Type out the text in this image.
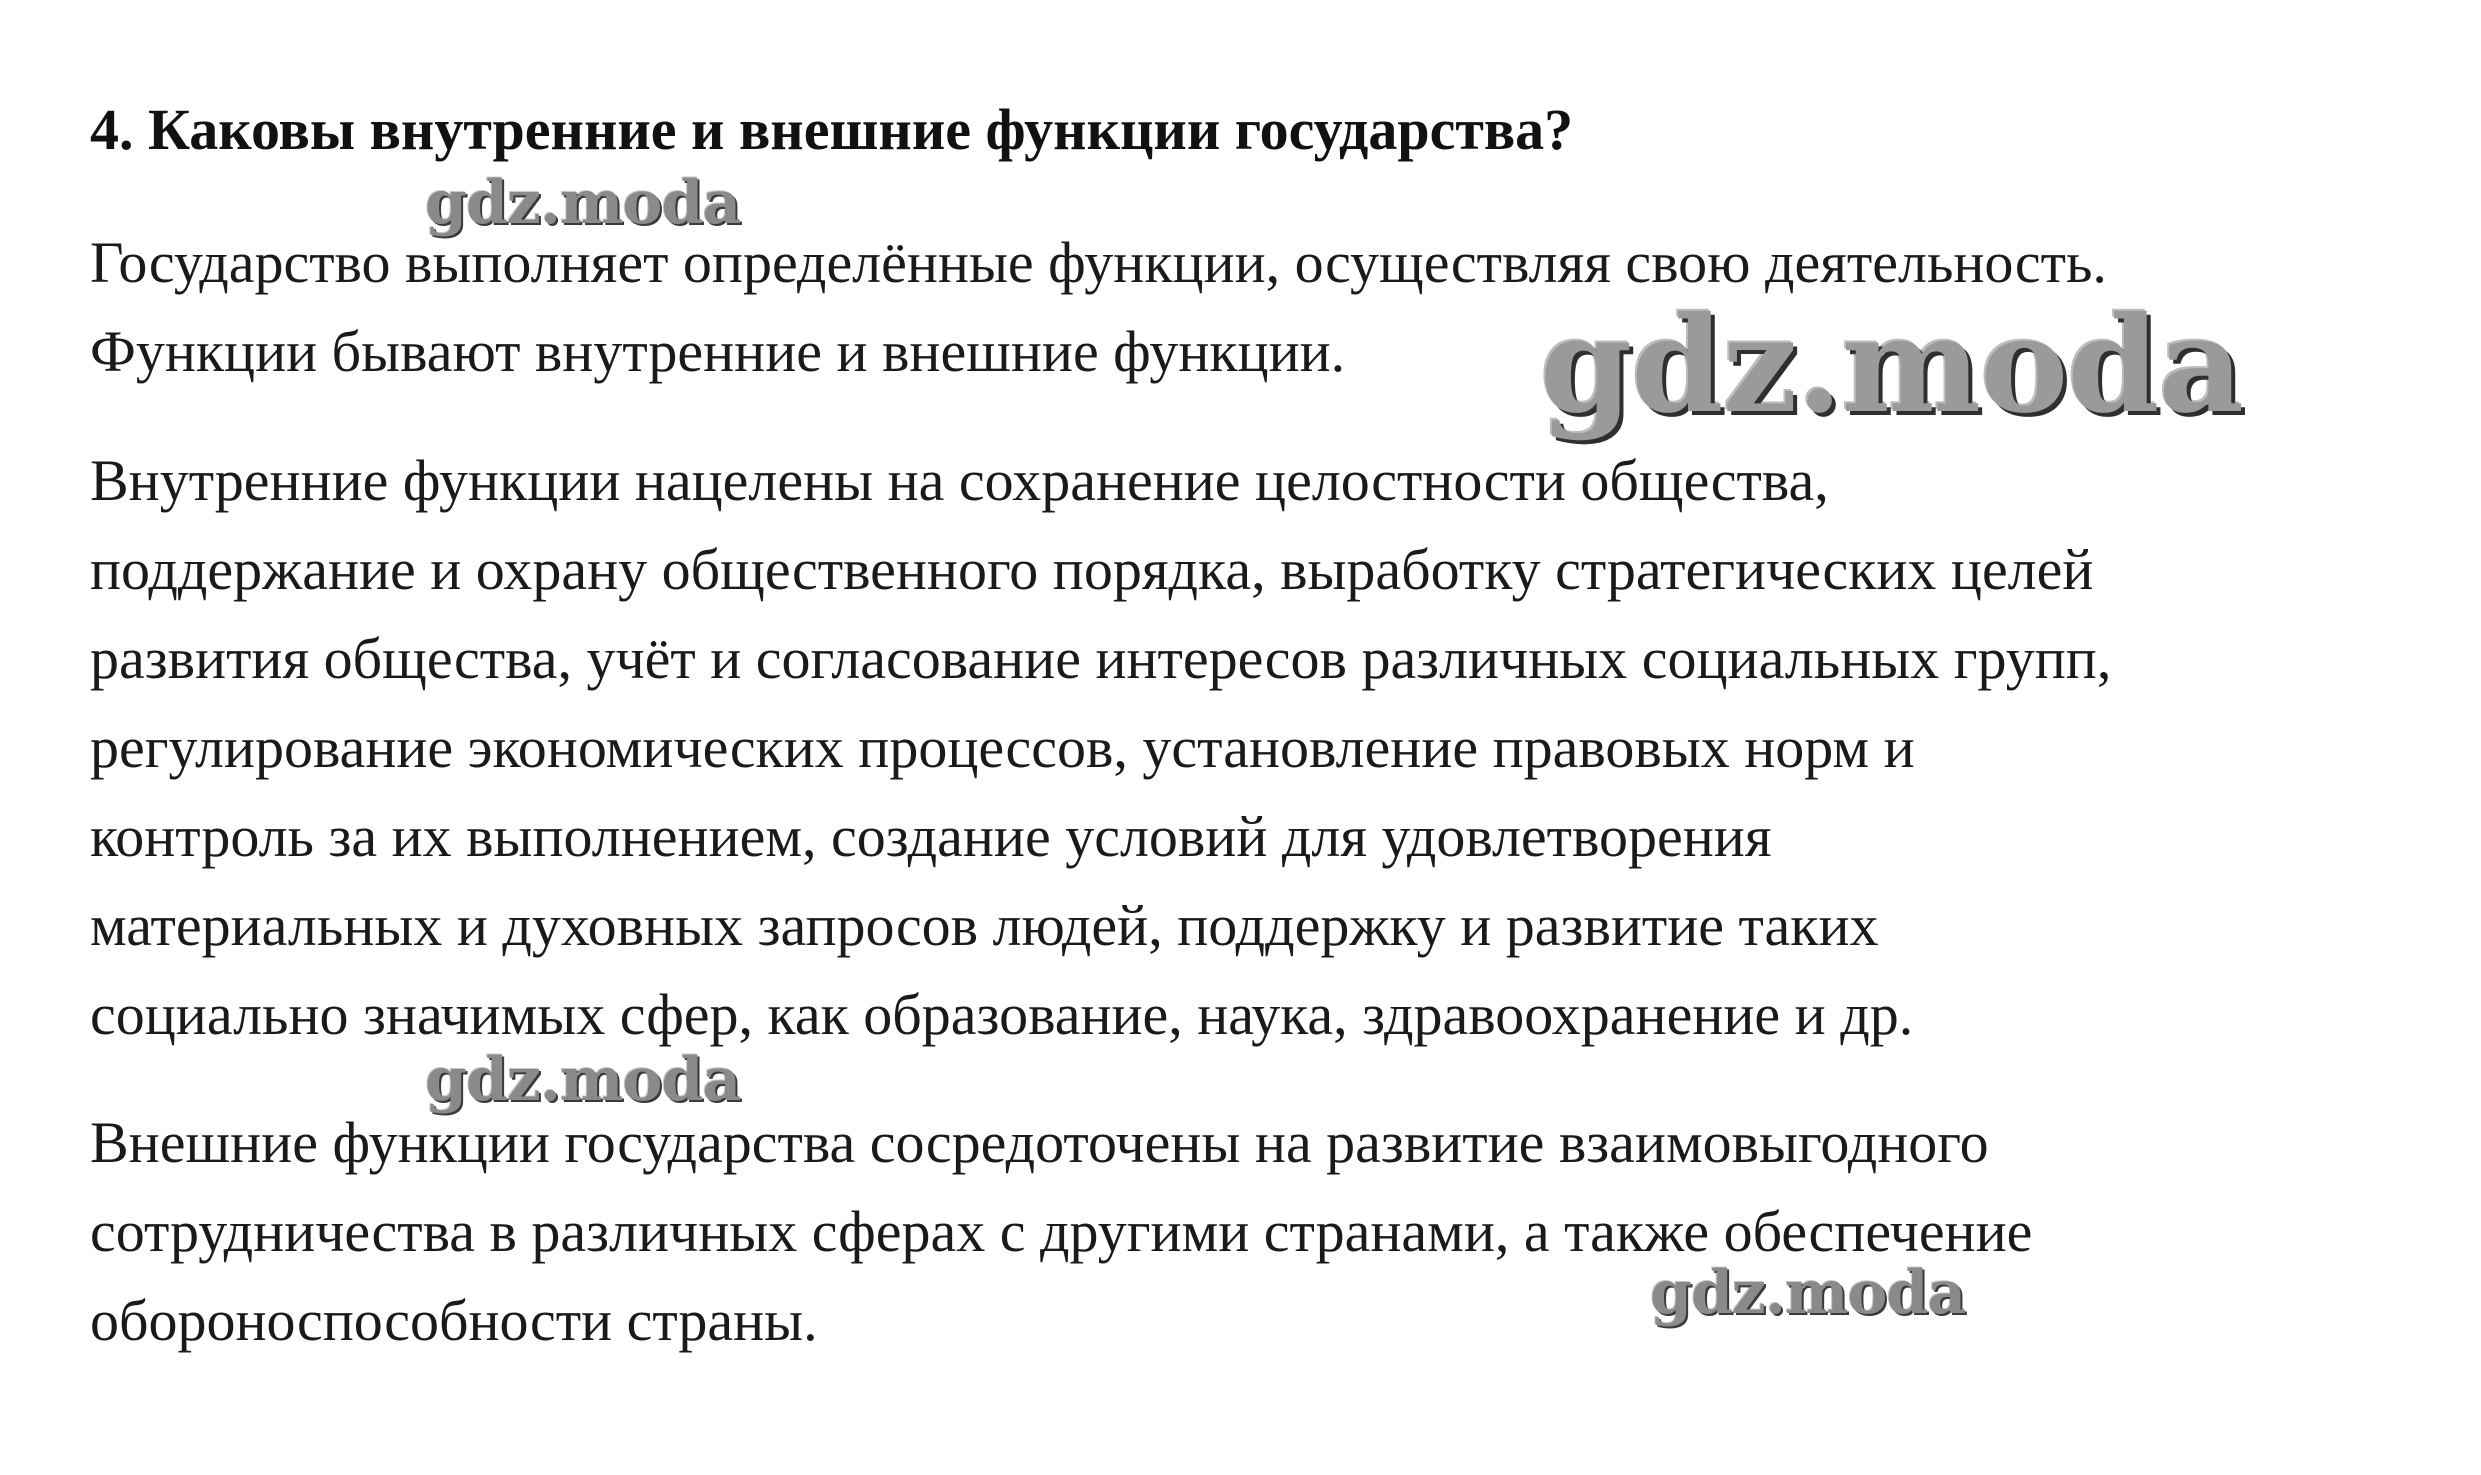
gdz.moda
gdz.moda
gdz.moda
gdz.moda
4. Каковы внутренние и внешние функции государства?

Государство выполняет определённые функции, осуществляя свою деятельность.
Функции бывают внутренние и внешние функции.

Внутренние функции нацелены на сохранение целостности общества,
поддержание и охрану общественного порядка, выработку стратегических целей
развития общества, учёт и согласование интересов различных социальных групп,
регулирование экономических процессов, установление правовых норм и
контроль за их выполнением, создание условий для удовлетворения
материальных и духовных запросов людей, поддержку и развитие таких
социально значимых сфер, как образование, наука, здравоохранение и др.

Внешние функции государства сосредоточены на развитие взаимовыгодного
сотрудничества в различных сферах с другими странами, а также обеспечение
обороноспособности страны.
